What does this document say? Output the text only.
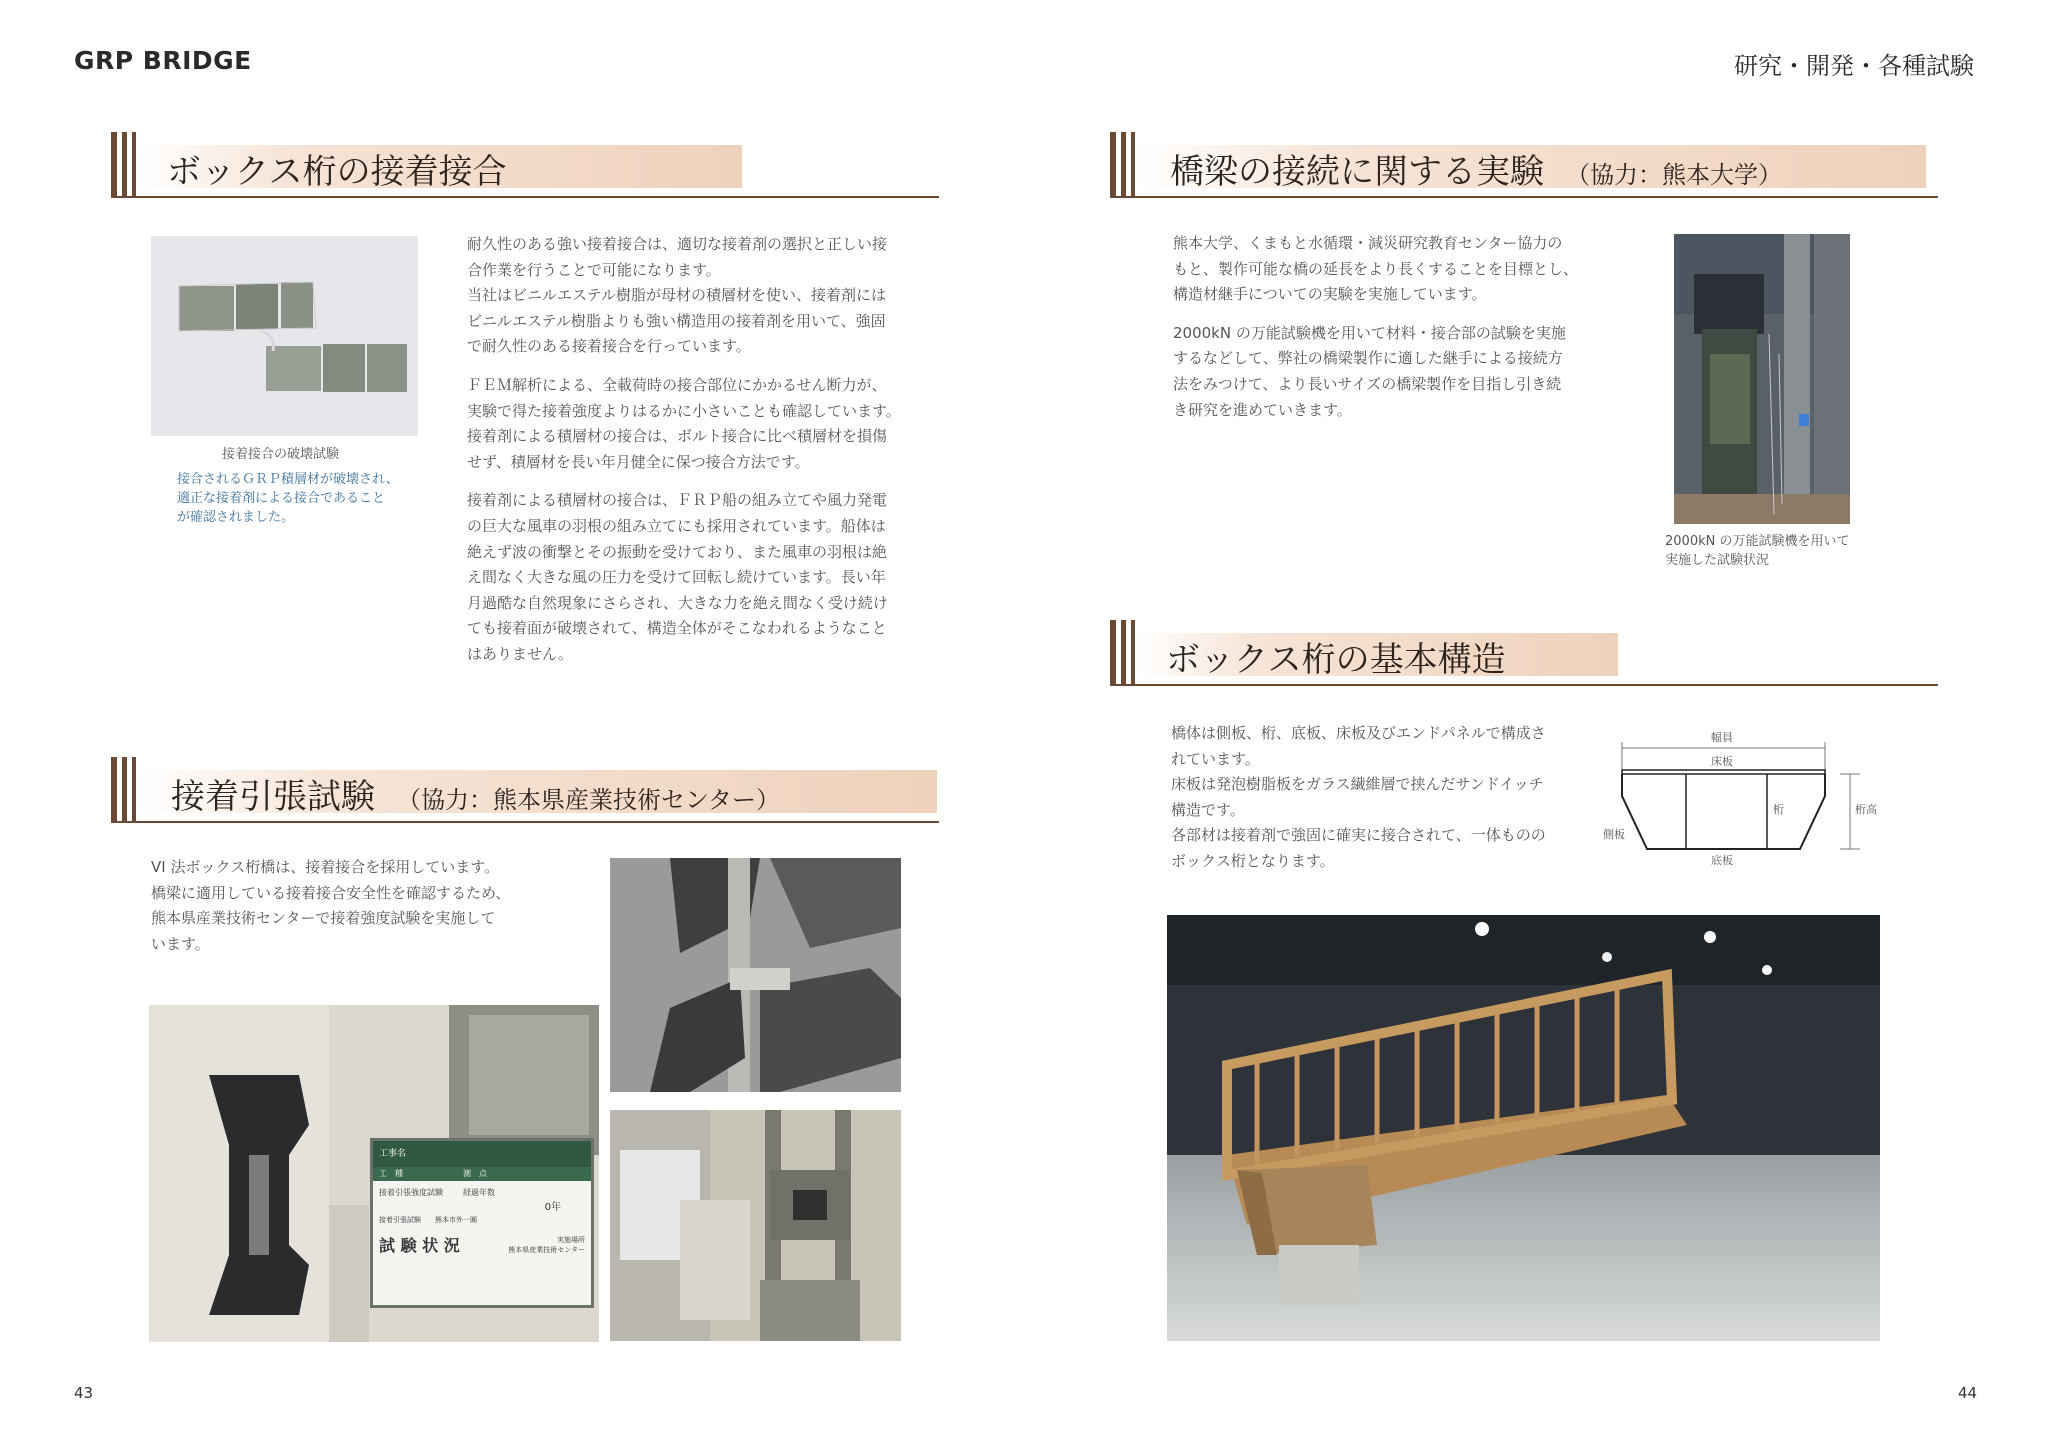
GRP BRIDGE	研究・開発・各種試験
ボックス桁の接着接合
接着接合の破壊試験
接合されるＧＲＰ積層材が破壊され、
適正な接着剤による接合であること
が確認されました。

耐久性のある強い接着接合は、適切な接着剤の選択と正しい接
合作業を行うことで可能になります。
当社はビニルエステル樹脂が母材の積層材を使い、接着剤には
ビニルエステル樹脂よりも強い構造用の接着剤を用いて、強固
で耐久性のある接着接合を行っています。

ＦＥＭ解析による、全載荷時の接合部位にかかるせん断力が、
実験で得た接着強度よりはるかに小さいことも確認しています。
接着剤による積層材の接合は、ボルト接合に比べ積層材を損傷
せず、積層材を長い年月健全に保つ接合方法です。

接着剤による積層材の接合は、ＦＲＰ船の組み立てや風力発電
の巨大な風車の羽根の組み立てにも採用されています。船体は
絶えず波の衝撃とその振動を受けており、また風車の羽根は絶
え間なく大きな風の圧力を受けて回転し続けています。長い年
月過酷な自然現象にさらされ、大きな力を絶え間なく受け続け
ても接着面が破壊されて、構造全体がそこなわれるようなこと
はありません。

接着引張試験 （協力：熊本県産業技術センター）
VI 法ボックス桁橋は、接着接合を採用しています。
橋梁に適用している接着接合安全性を確認するため、
熊本県産業技術センターで接着強度試験を実施して
います。
工事名
工　種	測　点
接着引張強度試験	経過年数
0年
接着引張試験　　熊本市外一圓
試 験 状 況	実施場所
熊本県産業技術センター
43
橋梁の接続に関する実験 （協力：熊本大学）

熊本大学、くまもと水循環・減災研究教育センター協力の
もと、製作可能な橋の延長をより長くすることを目標とし、
構造材継手についての実験を実施しています。

2000kN の万能試験機を用いて材料・接合部の試験を実施
するなどして、弊社の橋梁製作に適した継手による接続方
法をみつけて、より長いサイズの橋梁製作を目指し引き続
き研究を進めていきます。

2000kN の万能試験機を用いて
実施した試験状況
ボックス桁の基本構造
橋体は側板、桁、底板、床板及びエンドパネルで構成さ
れています。
床板は発泡樹脂板をガラス繊維層で挟んだサンドイッチ
構造です。
各部材は接着剤で強固に確実に接合されて、一体ものの
ボックス桁となります。
幅員
床板
桁	桁高
側板
底板
44
